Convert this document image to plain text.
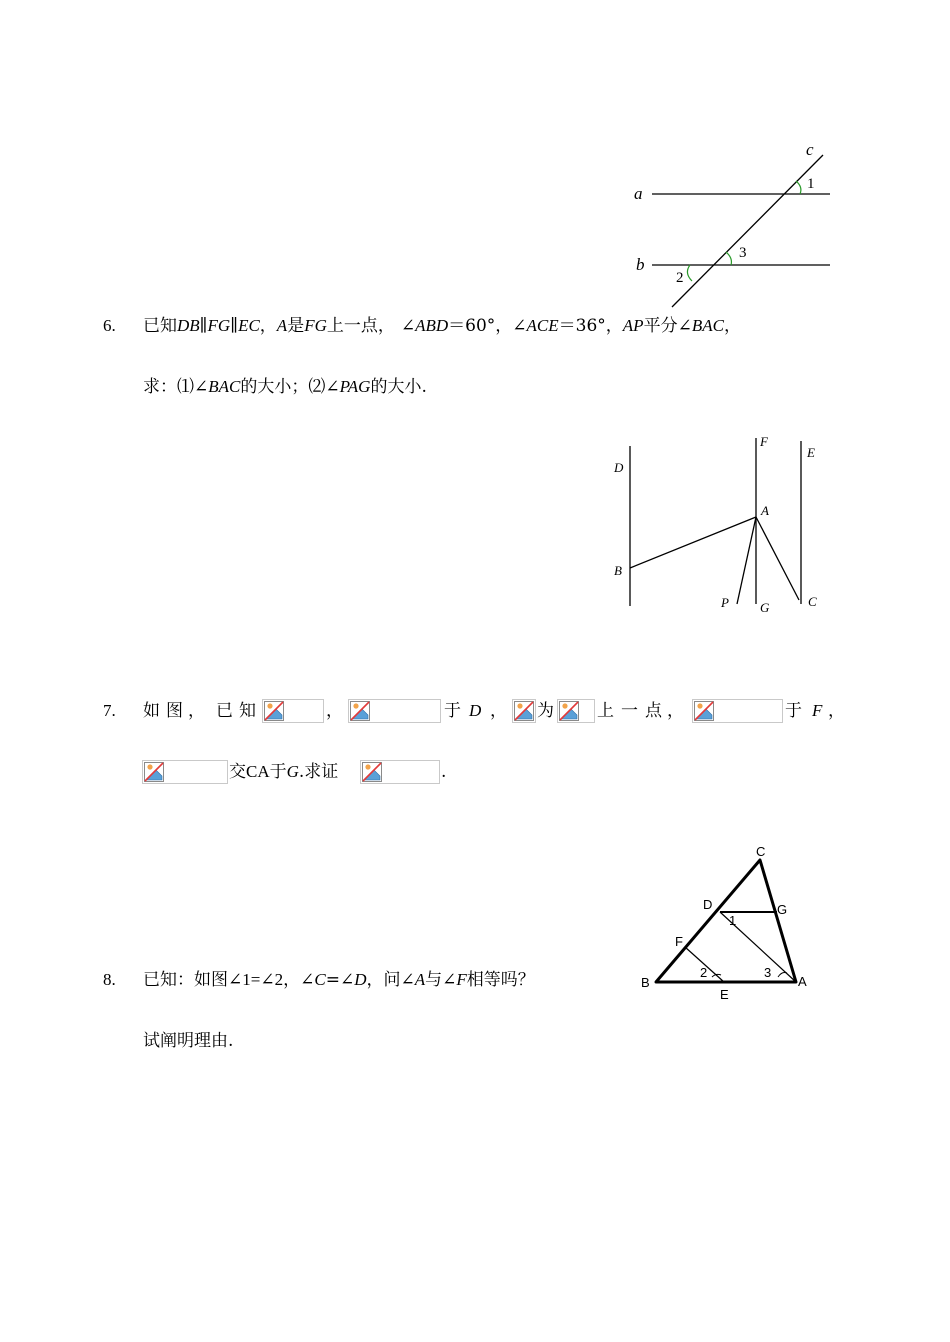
a
b
c
1
3
2
6. 已知DB∥FG∥EC，A是FG上一点， ∠ABD＝60°，∠ACE＝36°，AP平分∠BAC，
求：⑴∠BAC的大小；⑵∠PAG的大小.
D
F
E
A
B
P G	C
7. 如 图， 已 知	，	于 D ， 为	上 一 点，	于 F ，
交CA于G.求证	.
8. 已知：如图∠1=∠2，∠C=∠D，问∠A与∠F相等吗？
试阐明理由.
C
D	G
1
F
B
2	3
A
E
